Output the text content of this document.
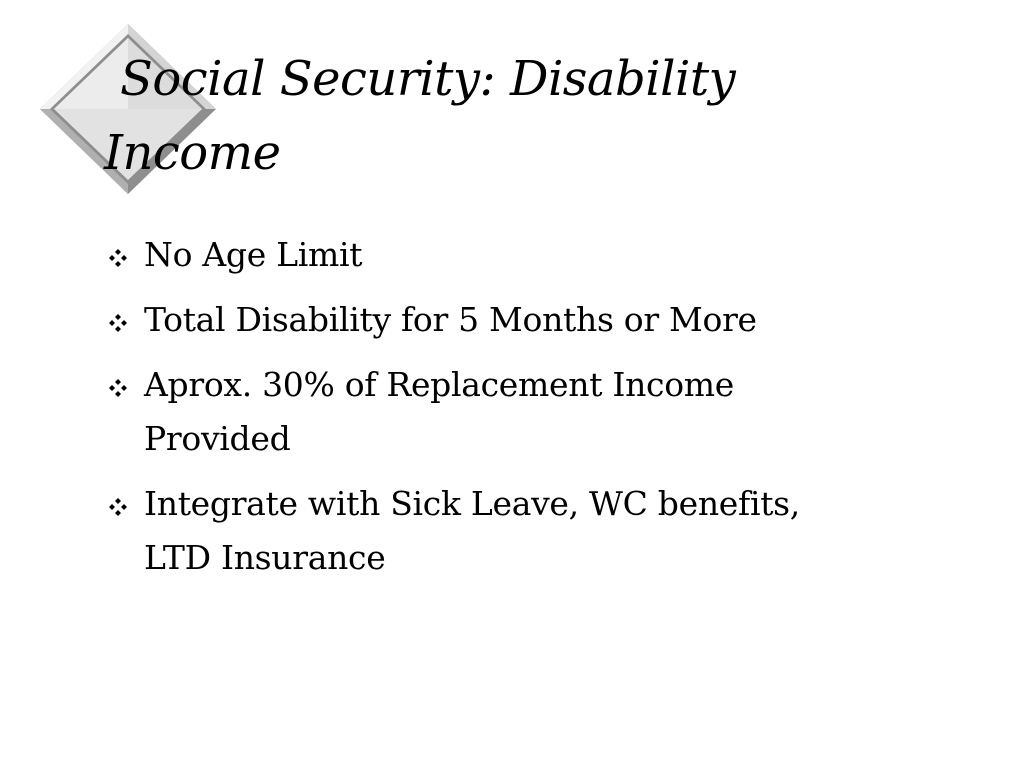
Social Security: Disability
Income
No Age Limit
Total Disability for 5 Months or More
Aprox. 30% of Replacement Income
Provided
Integrate with Sick Leave, WC benefits,
LTD Insurance
